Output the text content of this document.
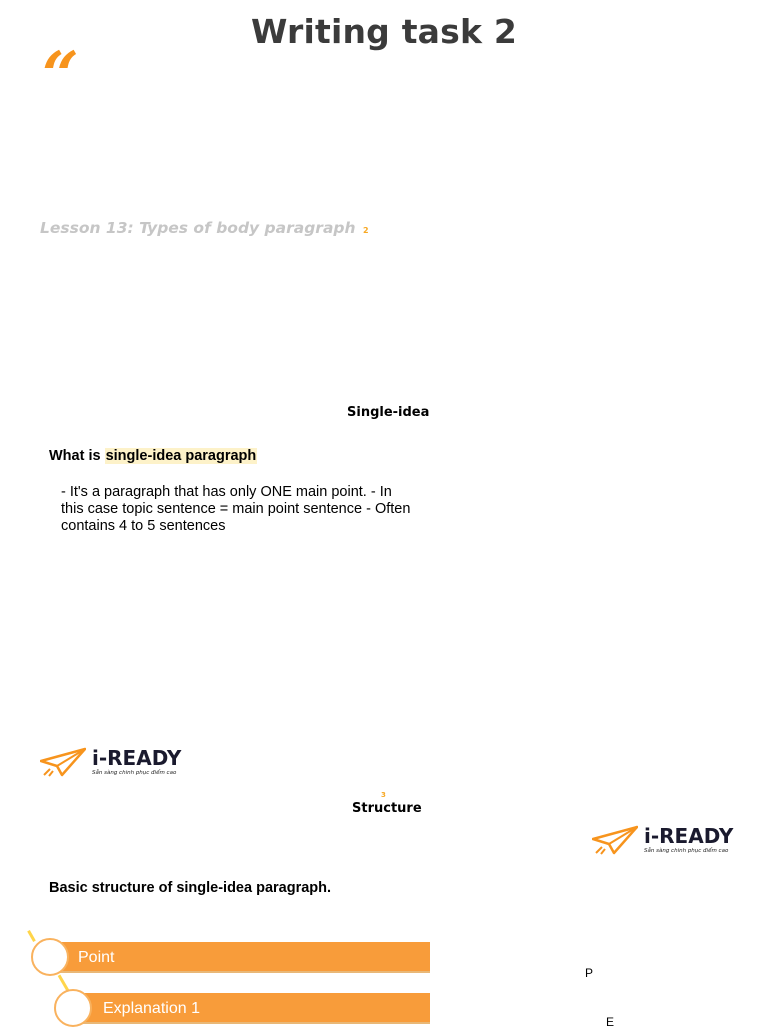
Writing task 2
“
Lesson 13: Types of body paragraph 2
Single-idea
What is single-idea paragraph
- It's a paragraph that has only ONE main point. - In this case topic sentence = main point sentence - Often contains 4 to 5 sentences
i-READY
Sẵn sàng chinh phục điểm cao
3
Structure
i-READY
Sẵn sàng chinh phục điểm cao
Basic structure of single-idea paragraph.
Point
Explanation 1
P
E
